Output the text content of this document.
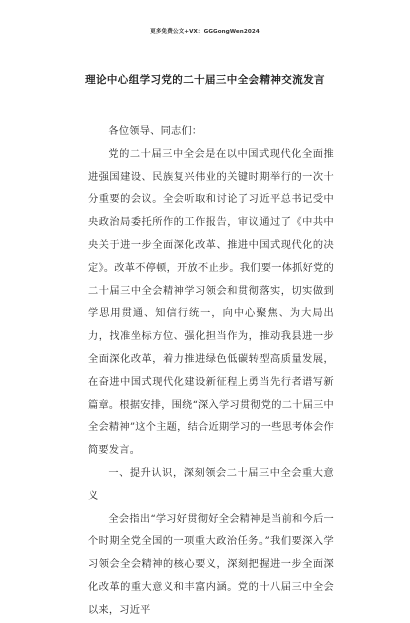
更多免费公文+VX：GGGongWen2024
理论中心组学习党的二十届三中全会精神交流发言

各位领导、同志们：

党的二十届三中全会是在以中国式现代化全面推进强国建设、民族复兴伟业的关键时期举行的一次十分重要的会议。全会听取和讨论了习近平总书记受中央政治局委托所作的工作报告，审议通过了《中共中央关于进一步全面深化改革、推进中国式现代化的决定》。改革不停顿，开放不止步。我们要一体抓好党的二十届三中全会精神学习领会和贯彻落实，切实做到学思用贯通、知信行统一，向中心聚焦、为大局出力，找准坐标方位、强化担当作为，推动我县进一步全面深化改革，着力推进绿色低碳转型高质量发展，在奋进中国式现代化建设新征程上勇当先行者谱写新篇章。根据安排，围绕“深入学习贯彻党的二十届三中全会精神”这个主题，结合近期学习的一些思考体会作简要发言。

一、提升认识，深刻领会二十届三中全会重大意义

全会指出“学习好贯彻好全会精神是当前和今后一个时期全党全国的一项重大政治任务。”我们要深入学习领会全会精神的核心要义，深刻把握进一步全面深化改革的重大意义和丰富内涵。党的十八届三中全会以来，习近平
